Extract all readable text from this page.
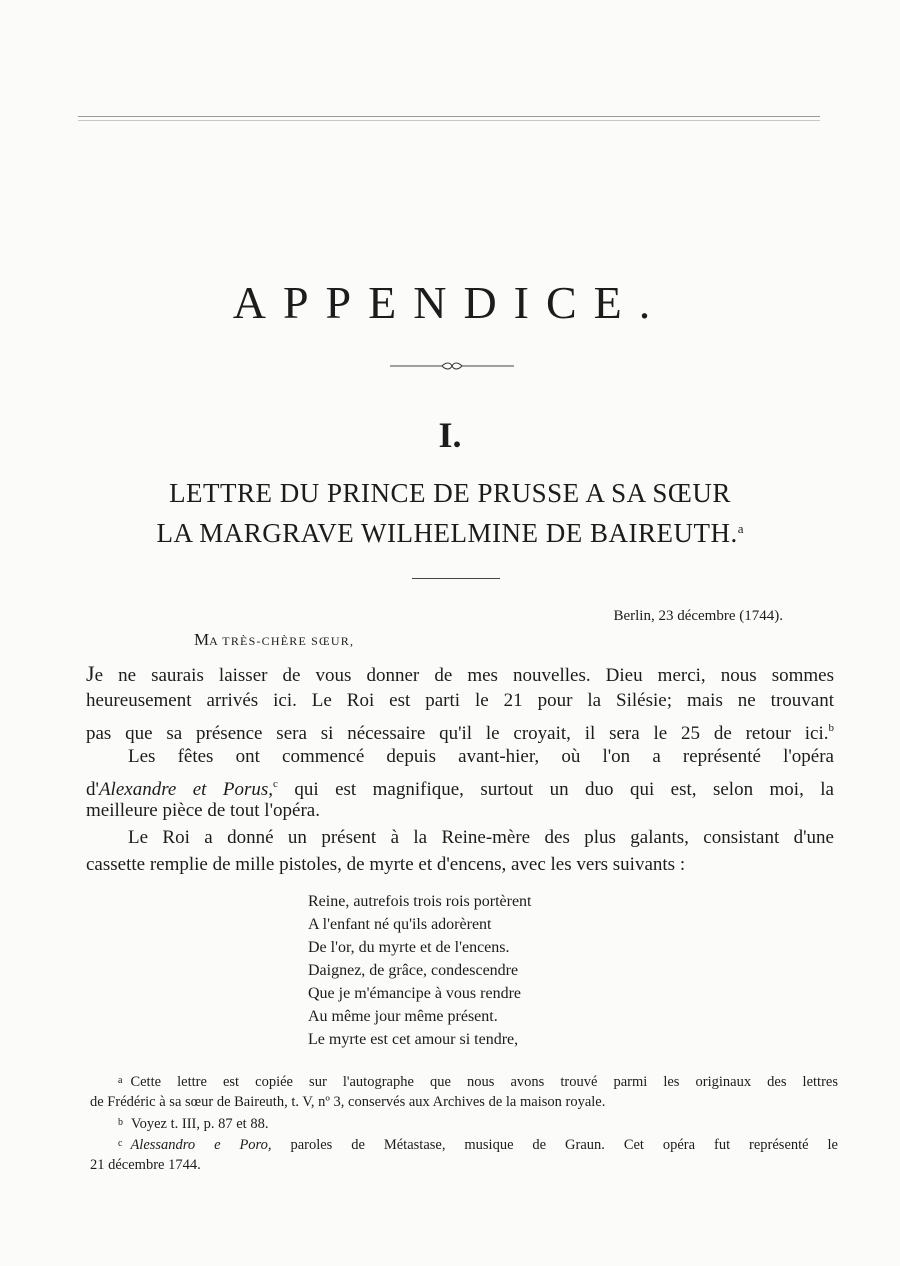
APPENDICE.
I.
LETTRE DU PRINCE DE PRUSSE A SA SŒUR
LA MARGRAVE WILHELMINE DE BAIREUTH.$^a$
Berlin, 23 décembre (1744).
MA TRÈS-CHÈRE SŒUR,
Je ne saurais laisser de vous donner de mes nouvelles. Dieu merci, nous sommes
heureusement arrivés ici. Le Roi est parti le 21 pour la Silésie; mais ne trouvant
pas que sa présence sera si nécessaire qu'il le croyait, il sera le 25 de retour ici.$^b$
Les fêtes ont commencé depuis avant-hier, où l'on a représenté l'opéra
d'Alexandre et Porus,$^c$ qui est magnifique, surtout un duo qui est, selon moi, la
meilleure pièce de tout l'opéra.
Le Roi a donné un présent à la Reine-mère des plus galants, consistant d'une
cassette remplie de mille pistoles, de myrte et d'encens, avec les vers suivants :
Reine, autrefois trois rois portèrent
A l'enfant né qu'ils adorèrent
De l'or, du myrte et de l'encens.
Daignez, de grâce, condescendre
Que je m'émancipe à vous rendre
Au même jour même présent.
Le myrte est cet amour si tendre,
$^a$ Cette lettre est copiée sur l'autographe que nous avons trouvé parmi les originaux des lettres
de Frédéric à sa sœur de Baireuth, t. V, nº 3, conservés aux Archives de la maison royale.
$^b$ Voyez t. III, p. 87 et 88.
$^c$ Alessandro e Poro, paroles de Métastase, musique de Graun. Cet opéra fut représenté le
21 décembre 1744.
